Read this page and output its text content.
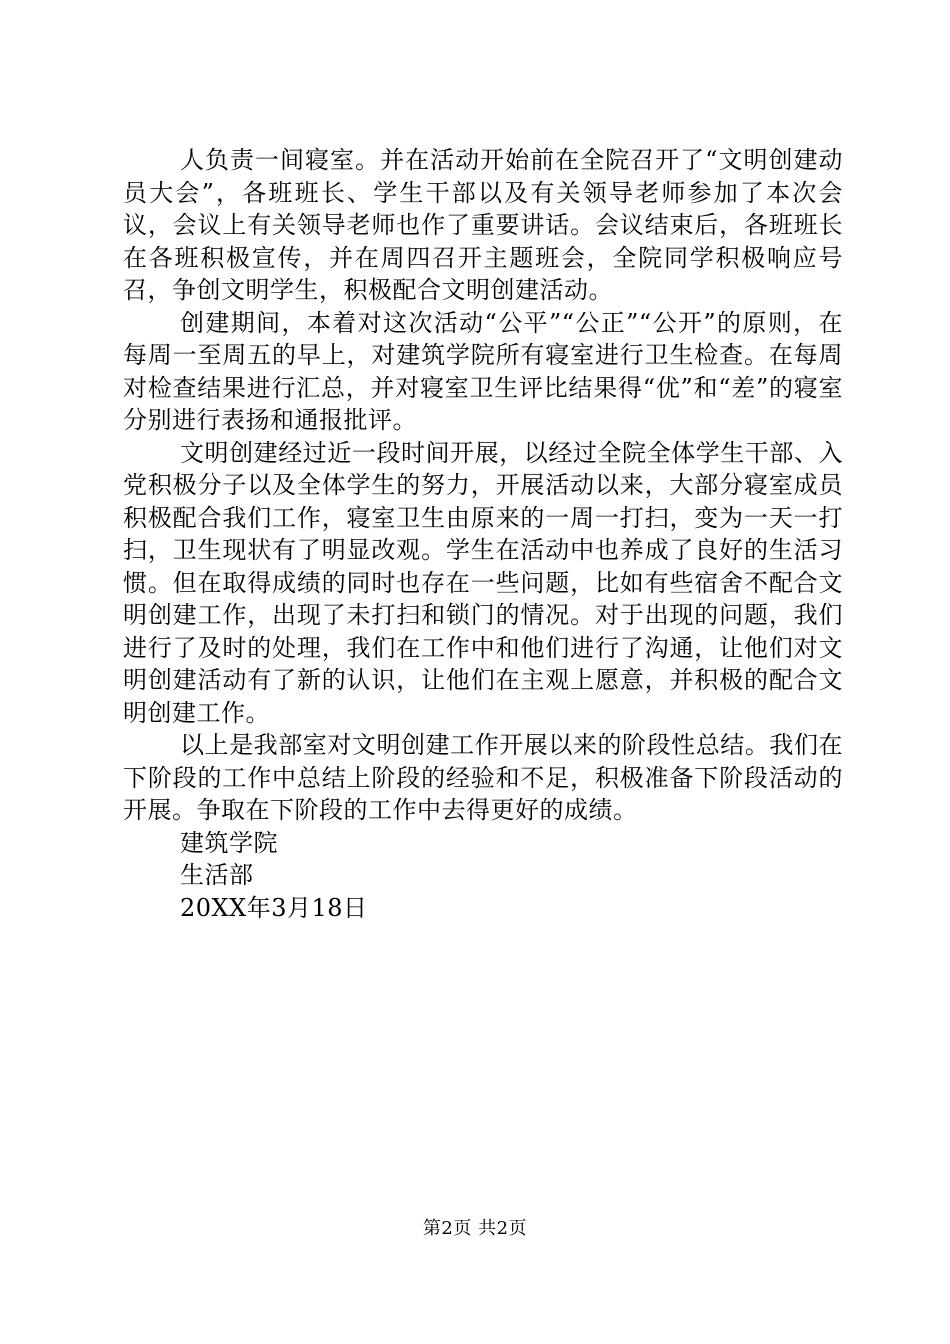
人负责一间寝室。并在活动开始前在全院召开了“文明创建动员大会”，各班班长、学生干部以及有关领导老师参加了本次会议，会议上有关领导老师也作了重要讲话。会议结束后，各班班长在各班积极宣传，并在周四召开主题班会，全院同学积极响应号召，争创文明学生，积极配合文明创建活动。

创建期间，本着对这次活动“公平”“公正”“公开”的原则，在每周一至周五的早上，对建筑学院所有寝室进行卫生检查。在每周对检查结果进行汇总，并对寝室卫生评比结果得“优”和“差”的寝室分别进行表扬和通报批评。

文明创建经过近一段时间开展，以经过全院全体学生干部、入党积极分子以及全体学生的努力，开展活动以来，大部分寝室成员积极配合我们工作，寝室卫生由原来的一周一打扫，变为一天一打扫，卫生现状有了明显改观。学生在活动中也养成了良好的生活习惯。但在取得成绩的同时也存在一些问题，比如有些宿舍不配合文明创建工作，出现了未打扫和锁门的情况。对于出现的问题，我们进行了及时的处理，我们在工作中和他们进行了沟通，让他们对文明创建活动有了新的认识，让他们在主观上愿意，并积极的配合文明创建工作。

以上是我部室对文明创建工作开展以来的阶段性总结。我们在下阶段的工作中总结上阶段的经验和不足，积极准备下阶段活动的开展。争取在下阶段的工作中去得更好的成绩。

建筑学院

生活部

20XX年3月18日

第2页 共2页
